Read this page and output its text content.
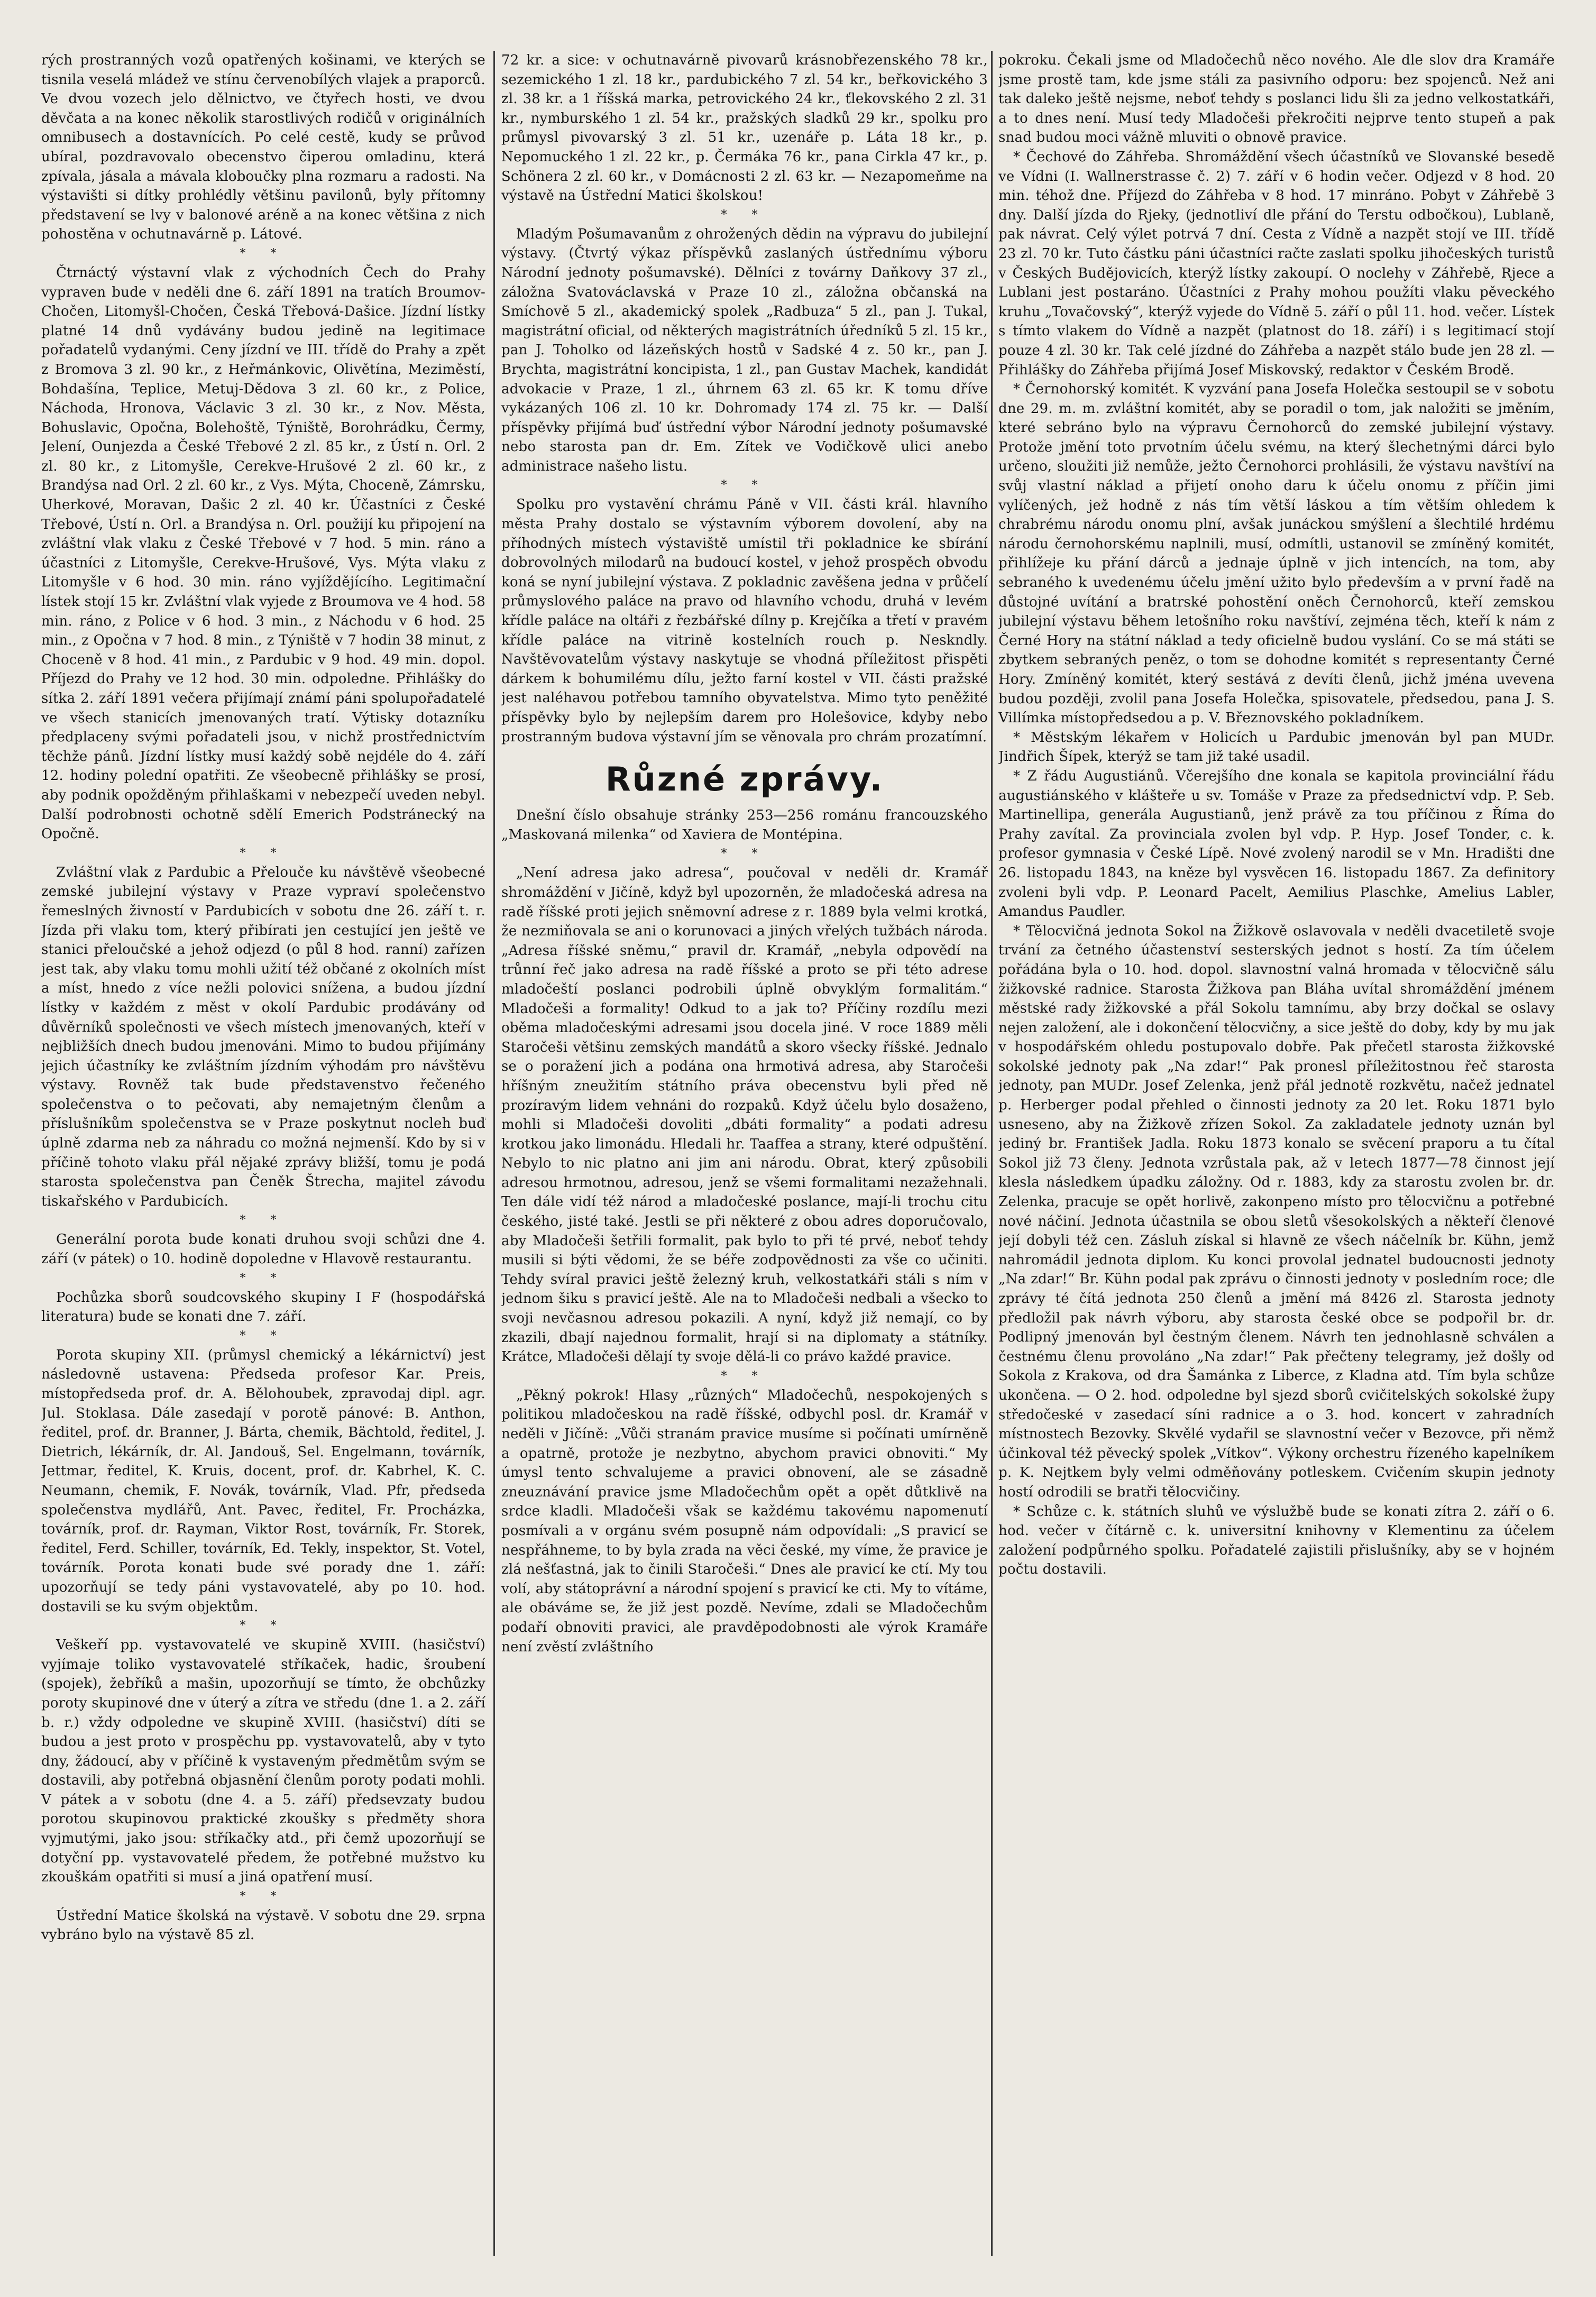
rých prostranných vozů opatřených košinami, ve kterých se tisnila veselá mládež ve stínu červenobílých vlajek a praporců. Ve dvou vozech jelo dělnictvo, ve čtyřech hosti, ve dvou děvčata a na konec několik starostlivých rodičů v originálních omnibusech a dostavnících. Po celé cestě, kudy se průvod ubíral, pozdravovalo obecenstvo čiperou omladinu, která zpívala, jásala a mávala kloboučky plna rozmaru a radosti. Na výstavišti si dítky prohlédly většinu pavilonů, byly přítomny představení se lvy v balonové aréně a na konec většina z nich pohostěna v ochutnavárně p. Látové.

* *

Čtrnáctý výstavní vlak z východních Čech do Prahy vypraven bude v neděli dne 6. září 1891 na tratích Broumov-Chočen, Litomyšl-Chočen, Česká Třebová-Dašice. Jízdní lístky platné 14 dnů vydávány budou jedině na legitimace pořadatelů vydanými. Ceny jízdní ve III. třídě do Prahy a zpět z Bromova 3 zl. 90 kr., z Heřmánkovic, Olivětína, Meziměstí, Bohdašína, Teplice, Metuj-Dědova 3 zl. 60 kr., z Police, Náchoda, Hronova, Václavic 3 zl. 30 kr., z Nov. Města, Bohuslavic, Opočna, Bolehoště, Týniště, Borohrádku, Čermy, Jelení, Ounjezda a České Třebové 2 zl. 85 kr., z Ústí n. Orl. 2 zl. 80 kr., z Litomyšle, Cerekve-Hrušové 2 zl. 60 kr., z Brandýsa nad Orl. 2 zl. 60 kr., z Vys. Mýta, Choceně, Zámrsku, Uherkové, Moravan, Dašic 2 zl. 40 kr. Účastníci z České Třebové, Ústí n. Orl. a Brandýsa n. Orl. použijí ku připojení na zvláštní vlak vlaku z České Třebové v 7 hod. 5 min. ráno a účastníci z Litomyšle, Cerekve-Hrušové, Vys. Mýta vlaku z Litomyšle v 6 hod. 30 min. ráno vyjíždějícího. Legitimační lístek stojí 15 kr. Zvláštní vlak vyjede z Broumova ve 4 hod. 58 min. ráno, z Police v 6 hod. 3 min., z Náchodu v 6 hod. 25 min., z Opočna v 7 hod. 8 min., z Týniště v 7 hodin 38 minut, z Choceně v 8 hod. 41 min., z Pardubic v 9 hod. 49 min. dopol. Příjezd do Prahy ve 12 hod. 30 min. odpoledne. Přihlášky do sítka 2. září 1891 večera přijímají známí páni spolupořadatelé ve všech stanicích jmenovaných tratí. Výtisky dotazníku předplaceny svými pořadateli jsou, v nichž prostřednictvím těchže pánů. Jízdní lístky musí každý sobě nejdéle do 4. září 12. hodiny polední opatřiti. Ze všeobecně přihlášky se prosí, aby podnik opožděným přihlaškami v nebezpečí uveden nebyl. Další podrobnosti ochotně sdělí Emerich Podstránecký na Opočně.

* *

Zvláštní vlak z Pardubic a Přelouče ku návštěvě všeobecné zemské jubilejní výstavy v Praze vypraví společenstvo řemeslných živností v Pardubicích v sobotu dne 26. září t. r. Jízda při vlaku tom, který přibírati jen cestující jen ještě ve stanici přeloučské a jehož odjezd (o půl 8 hod. ranní) zařízen jest tak, aby vlaku tomu mohli užití též občané z okolních míst a míst, hnedo z více nežli polovici snížena, a budou jízdní lístky v každém z měst v okolí Pardubic prodávány od důvěrníků společnosti ve všech místech jmenovaných, kteří v nejbližších dnech budou jmenováni. Mimo to budou přijímány jejich účastníky ke zvláštním jízdním výhodám pro návštěvu výstavy. Rovněž tak bude představenstvo řečeného společenstva o to pečovati, aby nemajetným členům a příslušníkům společenstva se v Praze poskytnut nocleh buď úplně zdarma neb za náhradu co možná nejmenší. Kdo by si v příčině tohoto vlaku přál nějaké zprávy bližší, tomu je podá starosta společenstva pan Čeněk Štrecha, majitel závodu tiskařského v Pardubicích.

* *

Generální porota bude konati druhou svoji schůzi dne 4. září (v pátek) o 10. hodině dopoledne v Hlavově restaurantu.

* *

Pochůzka sborů soudcovského skupiny I F (hospodářská literatura) bude se konati dne 7. září.

* *

Porota skupiny XII. (průmysl chemický a lékárnictví) jest následovně ustavena: Předseda profesor Kar. Preis, místopředseda prof. dr. A. Bělohoubek, zpravodaj dipl. agr. Jul. Stoklasa. Dále zasedají v porotě pánové: B. Anthon, ředitel, prof. dr. Branner, J. Bárta, chemik, Bächtold, ředitel, J. Dietrich, lékárník, dr. Al. Jandouš, Sel. Engelmann, továrník, Jettmar, ředitel, K. Kruis, docent, prof. dr. Kabrhel, K. C. Neumann, chemik, F. Novák, továrník, Vlad. Pfr, předseda společenstva mydlářů, Ant. Pavec, ředitel, Fr. Procházka, továrník, prof. dr. Rayman, Viktor Rost, továrník, Fr. Storek, ředitel, Ferd. Schiller, továrník, Ed. Tekly, inspektor, St. Votel, továrník. Porota konati bude své porady dne 1. září: upozorňují se tedy páni vystavovatelé, aby po 10. hod. dostavili se ku svým objektům.

* *

Veškeří pp. vystavovatelé ve skupině XVIII. (hasičství) vyjímaje toliko vystavovatelé stříkaček, hadic, šroubení (spojek), žebříků a mašin, upozorňují se tímto, že obchůzky poroty skupinové dne v úterý a zítra ve středu (dne 1. a 2. září b. r.) vždy odpoledne ve skupině XVIII. (hasičství) díti se budou a jest proto v prospěchu pp. vystavovatelů, aby v tyto dny, žádoucí, aby v příčině k vystaveným předmětům svým se dostavili, aby potřebná objasnění členům poroty podati mohli. V pátek a v sobotu (dne 4. a 5. září) předsevzaty budou porotou skupinovou praktické zkoušky s předměty shora vyjmutými, jako jsou: stříkačky atd., při čemž upozorňují se dotyční pp. vystavovatelé předem, že potřebné mužstvo ku zkouškám opatřiti si musí a jiná opatření musí.

* *

Ústřední Matice školská na výstavě. V sobotu dne 29. srpna vybráno bylo na výstavě 85 zl.

72 kr. a sice: v ochutnavárně pivovarů krásnobřezenského 78 kr., sezemického 1 zl. 18 kr., pardubického 7 zl. 54 kr., beřkovického 3 zl. 38 kr. a 1 říšská marka, petrovického 24 kr., ťlekovského 2 zl. 31 kr., nymburského 1 zl. 54 kr., pražských sladků 29 kr., spolku pro průmysl pivovarský 3 zl. 51 kr., uzenáře p. Láta 18 kr., p. Nepomuckého 1 zl. 22 kr., p. Čermáka 76 kr., pana Cirkla 47 kr., p. Schönera 2 zl. 60 kr., v Domácnosti 2 zl. 63 kr. — Nezapomeňme na výstavě na Ústřední Matici školskou!

* *

Mladým Pošumavanům z ohrožených dědin na výpravu do jubilejní výstavy. (Čtvrtý výkaz příspěvků zaslaných ústřednímu výboru Národní jednoty pošumavské). Dělníci z továrny Daňkovy 37 zl., záložna Svatováclavská v Praze 10 zl., záložna občanská na Smíchově 5 zl., akademický spolek „Radbuza“ 5 zl., pan J. Tukal, magistrátní oficial, od některých magistrátních úředníků 5 zl. 15 kr., pan J. Toholko od lázeňských hostů v Sadské 4 z. 50 kr., pan J. Brychta, magistrátní koncipista, 1 zl., pan Gustav Machek, kandidát advokacie v Praze, 1 zl., úhrnem 63 zl. 65 kr. K tomu dříve vykázaných 106 zl. 10 kr. Dohromady 174 zl. 75 kr. — Další příspěvky přijímá buď ústřední výbor Národní jednoty pošumavské nebo starosta pan dr. Em. Zítek ve Vodičkově ulici anebo administrace našeho listu.

* *

Spolku pro vystavění chrámu Páně v VII. části král. hlavního města Prahy dostalo se výstavním výborem dovolení, aby na příhodných místech výstaviště umístil tři pokladnice ke sbírání dobrovolných milodarů na budoucí kostel, v jehož prospěch obvodu koná se nyní jubilejní výstava. Z pokladnic zavěšena jedna v průčelí průmyslového paláce na pravo od hlavního vchodu, druhá v levém křídle paláce na oltáři z řezbářské dílny p. Krejčíka a třetí v pravém křídle paláce na vitrině kostelních rouch p. Neskndly. Navštěvovatelům výstavy naskytuje se vhodná příležitost přispěti dárkem k bohumilému dílu, ježto farní kostel v VII. části pražské jest naléhavou potřebou tamního obyvatelstva. Mimo tyto peněžité příspěvky bylo by nejlepším darem pro Holešovice, kdyby nebo prostranným budova výstavní jím se věnovala pro chrám prozatímní.

Různé zprávy.

Dnešní číslo obsahuje stránky 253—256 románu francouzského „Maskovaná milenka“ od Xaviera de Montépina.

* *

„Není adresa jako adresa“, poučoval v neděli dr. Kramář shromáždění v Jičíně, když byl upozorněn, že mladočeská adresa na radě říšské proti jejich sněmovní adrese z r. 1889 byla velmi krotká, že nezmiňovala se ani o korunovaci a jiných vřelých tužbách národa. „Adresa říšské sněmu,“ pravil dr. Kramář, „nebyla odpovědí na trůnní řeč jako adresa na radě říšské a proto se při této adrese mladočeští poslanci podrobili úplně obvyklým formalitám.“ Mladočeši a formality! Odkud to a jak to? Příčiny rozdílu mezi oběma mladočeskými adresami jsou docela jiné. V roce 1889 měli Staročeši většinu zemských mandátů a skoro všecky říšské. Jednalo se o poražení jich a podána ona hrmotivá adresa, aby Staročeši hříšným zneužitím státního práva obecenstvu byli před ně prozíravým lidem vehnáni do rozpaků. Když účelu bylo dosaženo, mohli si Mladočeši dovoliti „dbáti formality“ a podati adresu krotkou jako limonádu. Hledali hr. Taaffea a strany, které odpuštění. Nebylo to nic platno ani jim ani národu. Obrat, který způsobili adresou hrmotnou, adresou, jenž se všemi formalitami nezažehnali. Ten dále vidí též národ a mladočeské poslance, mají-li trochu citu českého, jisté také. Jestli se při některé z obou adres doporučovalo, aby Mladočeši šetřili formalit, pak bylo to při té prvé, neboť tehdy musili si býti vědomi, že se béře zodpovědnosti za vše co učiniti. Tehdy svíral pravici ještě železný kruh, velkostatkáři stáli s ním v jednom šiku s pravicí ještě. Ale na to Mladočeši nedbali a všecko to svoji nevčasnou adresou pokazili. A nyní, když již nemají, co by zkazili, dbají najednou formalit, hrají si na diplomaty a státníky. Krátce, Mladočeši dělají ty svoje dělá-li co právo každé pravice.

* *

„Pěkný pokrok! Hlasy „různých“ Mladočechů, nespokojených s politikou mladočeskou na radě říšské, odbychl posl. dr. Kramář v neděli v Jičíně: „Vůči stranám pravice musíme si počínati umírněně a opatrně, protože je nezbytno, abychom pravici obnoviti.“ My úmysl tento schvalujeme a pravici obnovení, ale se zásadně zneuznávání pravice jsme Mladočechům opět a opět důtklivě na srdce kladli. Mladočeši však se každému takovému napomenutí posmívali a v orgánu svém posupně nám odpovídali: „S pravicí se nespřáhneme, to by byla zrada na věci české, my víme, že pravice je zlá nešťastná, jak to činili Staročeši.“ Dnes ale pravicí ke ctí. My tou volí, aby státoprávní a národní spojení s pravicí ke cti. My to vítáme, ale obáváme se, že již jest pozdě. Nevíme, zdali se Mladočechům podaří obnoviti pravici, ale pravděpodobnosti ale výrok Kramáře není zvěstí zvláštního

pokroku. Čekali jsme od Mladočechů něco nového. Ale dle slov dra Kramáře jsme prostě tam, kde jsme stáli za pasivního odporu: bez spojenců. Než ani tak daleko ještě nejsme, neboť tehdy s poslanci lidu šli za jedno velkostatkáři, a to dnes není. Musí tedy Mladočeši překročiti nejprve tento stupeň a pak snad budou moci vážně mluviti o obnově pravice.

* Čechové do Záhřeba. Shromáždění všech účastníků ve Slovanské besedě ve Vídni (I. Wallnerstrasse č. 2) 7. září v 6 hodin večer. Odjezd v 8 hod. 20 min. téhož dne. Příjezd do Záhřeba v 8 hod. 17 minráno. Pobyt v Záhřebě 3 dny. Další jízda do Rjeky, (jednotliví dle přání do Terstu odbočkou), Lublaně, pak návrat. Celý výlet potrvá 7 dní. Cesta z Vídně a nazpět stojí ve III. třídě 23 zl. 70 kr. Tuto částku páni účastníci račte zaslati spolku jihočeských turistů v Českých Budějovicích, kterýž lístky zakoupí. O noclehy v Záhřebě, Rjece a Lublani jest postaráno. Účastníci z Prahy mohou použíti vlaku pěveckého kruhu „Tovačovský“, kterýž vyjede do Vídně 5. září o půl 11. hod. večer. Lístek s tímto vlakem do Vídně a nazpět (platnost do 18. září) i s legitimací stojí pouze 4 zl. 30 kr. Tak celé jízdné do Záhřeba a nazpět stálo bude jen 28 zl. — Přihlášky do Záhřeba přijímá Josef Miskovský, redaktor v Českém Brodě.

* Černohorský komitét. K vyzvání pana Josefa Holečka sestoupil se v sobotu dne 29. m. m. zvláštní komitét, aby se poradil o tom, jak naložiti se jměním, které sebráno bylo na výpravu Černohorců do zemské jubilejní výstavy. Protože jmění toto prvotním účelu svému, na který šlechetnými dárci bylo určeno, sloužiti již nemůže, ježto Černohorci prohlásili, že výstavu navštíví na svůj vlastní náklad a přijetí onoho daru k účelu onomu z příčin jimi vylíčených, jež hodně z nás tím větší láskou a tím větším ohledem k chrabrému národu onomu plní, avšak junáckou smýšlení a šlechtilé hrdému národu černohorskému naplnili, musí, odmítli, ustanovil se zmíněný komitét, přihlížeje ku přání dárců a jednaje úplně v jich intencích, na tom, aby sebraného k uvedenému účelu jmění užito bylo především a v první řadě na důstojné uvítání a bratrské pohostění oněch Černohorců, kteří zemskou jubilejní výstavu během letošního roku navštíví, zejména těch, kteří k nám z Černé Hory na státní náklad a tedy oficielně budou vyslání. Co se má státi se zbytkem sebraných peněz, o tom se dohodne komitét s representanty Černé Hory. Zmíněný komitét, který sestává z devíti členů, jichž jména uvevena budou později, zvolil pana Josefa Holečka, spisovatele, předsedou, pana J. S. Villímka místopředsedou a p. V. Březnovského pokladníkem.

* Městským lékařem v Holicích u Pardubic jmenován byl pan MUDr. Jindřich Šípek, kterýž se tam již také usadil.

* Z řádu Augustiánů. Včerejšího dne konala se kapitola provinciální řádu augustiánského v klášteře u sv. Tomáše v Praze za předsednictví vdp. P. Seb. Martinellipa, generála Augustianů, jenž právě za tou příčinou z Říma do Prahy zavítal. Za provinciala zvolen byl vdp. P. Hyp. Josef Tonder, c. k. profesor gymnasia v České Lípě. Nové zvolený narodil se v Mn. Hradišti dne 26. listopadu 1843, na kněze byl vysvěcen 16. listopadu 1867. Za definitory zvoleni byli vdp. P. Leonard Pacelt, Aemilius Plaschke, Amelius Labler, Amandus Paudler.

* Tělocvičná jednota Sokol na Žižkově oslavovala v neděli dvacetiletě svoje trvání za četného účastenství sesterských jednot s hostí. Za tím účelem pořádána byla o 10. hod. dopol. slavnostní valná hromada v tělocvičně sálu žižkovské radnice. Starosta Žižkova pan Bláha uvítal shromáždění jménem městské rady žižkovské a přál Sokolu tamnímu, aby brzy dočkal se oslavy nejen založení, ale i dokončení tělocvičny, a sice ještě do doby, kdy by mu jak v hospodářském ohledu postupovalo dobře. Pak přečetl starosta žižkovské sokolské jednoty pak „Na zdar!“ Pak pronesl příležitostnou řeč starosta jednoty, pan MUDr. Josef Zelenka, jenž přál jednotě rozkvětu, načež jednatel p. Herberger podal přehled o činnosti jednoty za 20 let. Roku 1871 bylo usneseno, aby na Žižkově zřízen Sokol. Za zakladatele jednoty uznán byl jediný br. František Jadla. Roku 1873 konalo se svěcení praporu a tu čítal Sokol již 73 členy. Jednota vzrůstala pak, až v letech 1877—78 činnost její klesla následkem úpadku záložny. Od r. 1883, kdy za starostu zvolen br. dr. Zelenka, pracuje se opět horlivě, zakonpeno místo pro tělocvičnu a potřebné nové náčiní. Jednota účastnila se obou sletů všesokolských a někteří členové její dobyli též cen. Zásluh získal si hlavně ze všech náčelník br. Kühn, jemž nahromádil jednota diplom. Ku konci provolal jednatel budoucnosti jednoty „Na zdar!“ Br. Kühn podal pak zprávu o činnosti jednoty v posledním roce; dle zprávy té čítá jednota 250 členů a jmění má 8426 zl. Starosta jednoty předložil pak návrh výboru, aby starosta české obce se podpořil br. dr. Podlipný jmenován byl čestným členem. Návrh ten jednohlasně schválen a čestnému členu provoláno „Na zdar!“ Pak přečteny telegramy, jež došly od Sokola z Krakova, od dra Šamánka z Liberce, z Kladna atd. Tím byla schůze ukončena. — O 2. hod. odpoledne byl sjezd sborů cvičitelských sokolské župy středočeské v zasedací síni radnice a o 3. hod. koncert v zahradních místnostech Bezovky. Skvělé vydařil se slavnostní večer v Bezovce, při němž účinkoval též pěvecký spolek „Vítkov“. Výkony orchestru řízeného kapelníkem p. K. Nejtkem byly velmi odměňovány potleskem. Cvičením skupin jednoty hostí odrodili se bratři tělocvičiny.

* Schůze c. k. státních sluhů ve výslužbě bude se konati zítra 2. září o 6. hod. večer v čítárně c. k. universitní knihovny v Klementinu za účelem založení podpůrného spolku. Pořadatelé zajistili přislušníky, aby se v hojném počtu dostavili.
